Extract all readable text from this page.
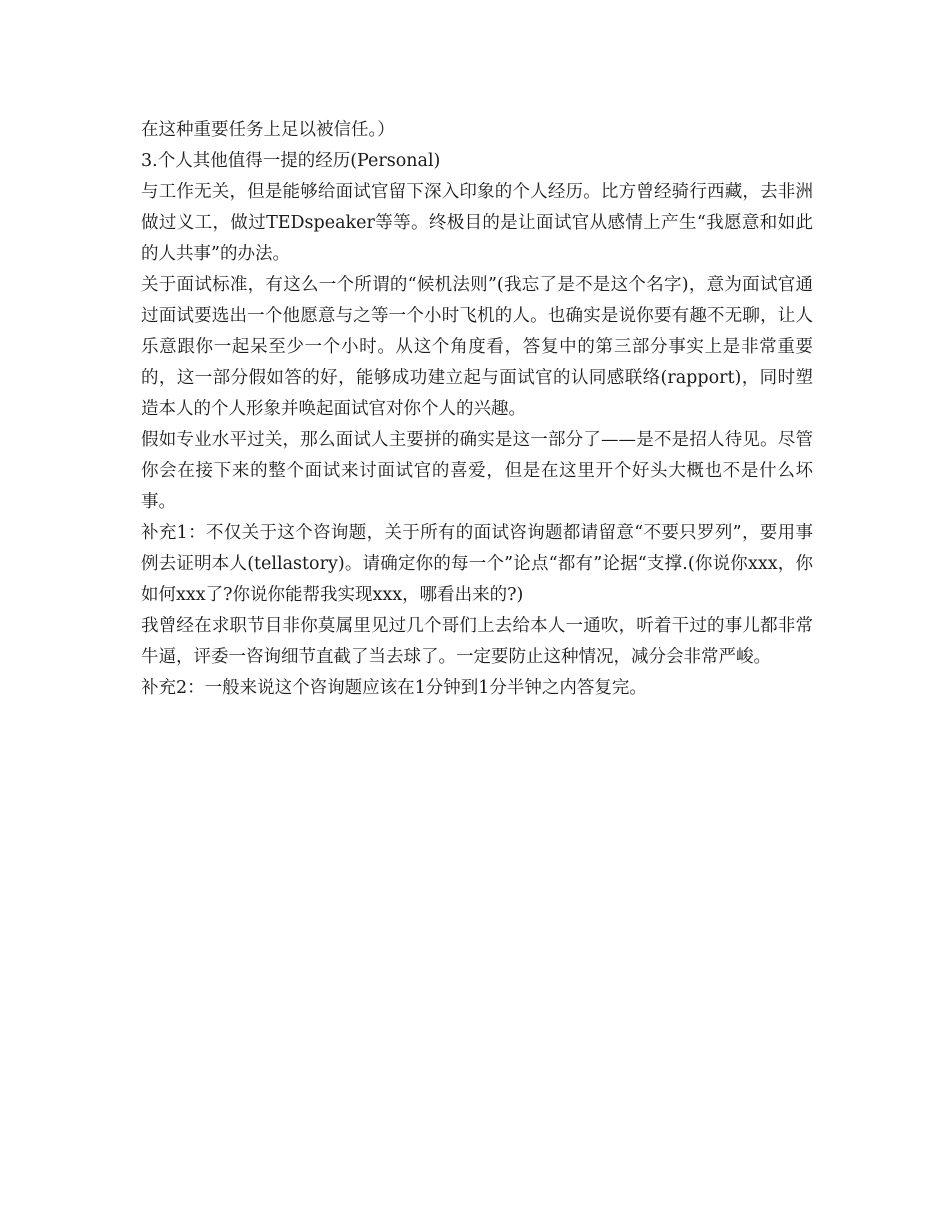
在这种重要任务上足以被信任。）

3.个人其他值得一提的经历(Personal)

与工作无关，但是能够给面试官留下深入印象的个人经历。比方曾经骑行西藏，去非洲做过义工，做过TEDspeaker等等。终极目的是让面试官从感情上产生“我愿意和如此的人共事”的办法。

关于面试标准，有这么一个所谓的“候机法则”(我忘了是不是这个名字)，意为面试官通过面试要选出一个他愿意与之等一个小时飞机的人。也确实是说你要有趣不无聊，让人乐意跟你一起呆至少一个小时。从这个角度看，答复中的第三部分事实上是非常重要的，这一部分假如答的好，能够成功建立起与面试官的认同感联络(rapport)，同时塑造本人的个人形象并唤起面试官对你个人的兴趣。

假如专业水平过关，那么面试人主要拼的确实是这一部分了——是不是招人待见。尽管你会在接下来的整个面试来讨面试官的喜爱，但是在这里开个好头大概也不是什么坏事。

补充1：不仅关于这个咨询题，关于所有的面试咨询题都请留意“不要只罗列”，要用事例去证明本人(tellastory)。请确定你的每一个”论点“都有”论据“支撑.(你说你xxx，你如何xxx了?你说你能帮我实现xxx，哪看出来的?)

我曾经在求职节目非你莫属里见过几个哥们上去给本人一通吹，听着干过的事儿都非常牛逼，评委一咨询细节直截了当去球了。一定要防止这种情况，减分会非常严峻。

补充2：一般来说这个咨询题应该在1分钟到1分半钟之内答复完。
